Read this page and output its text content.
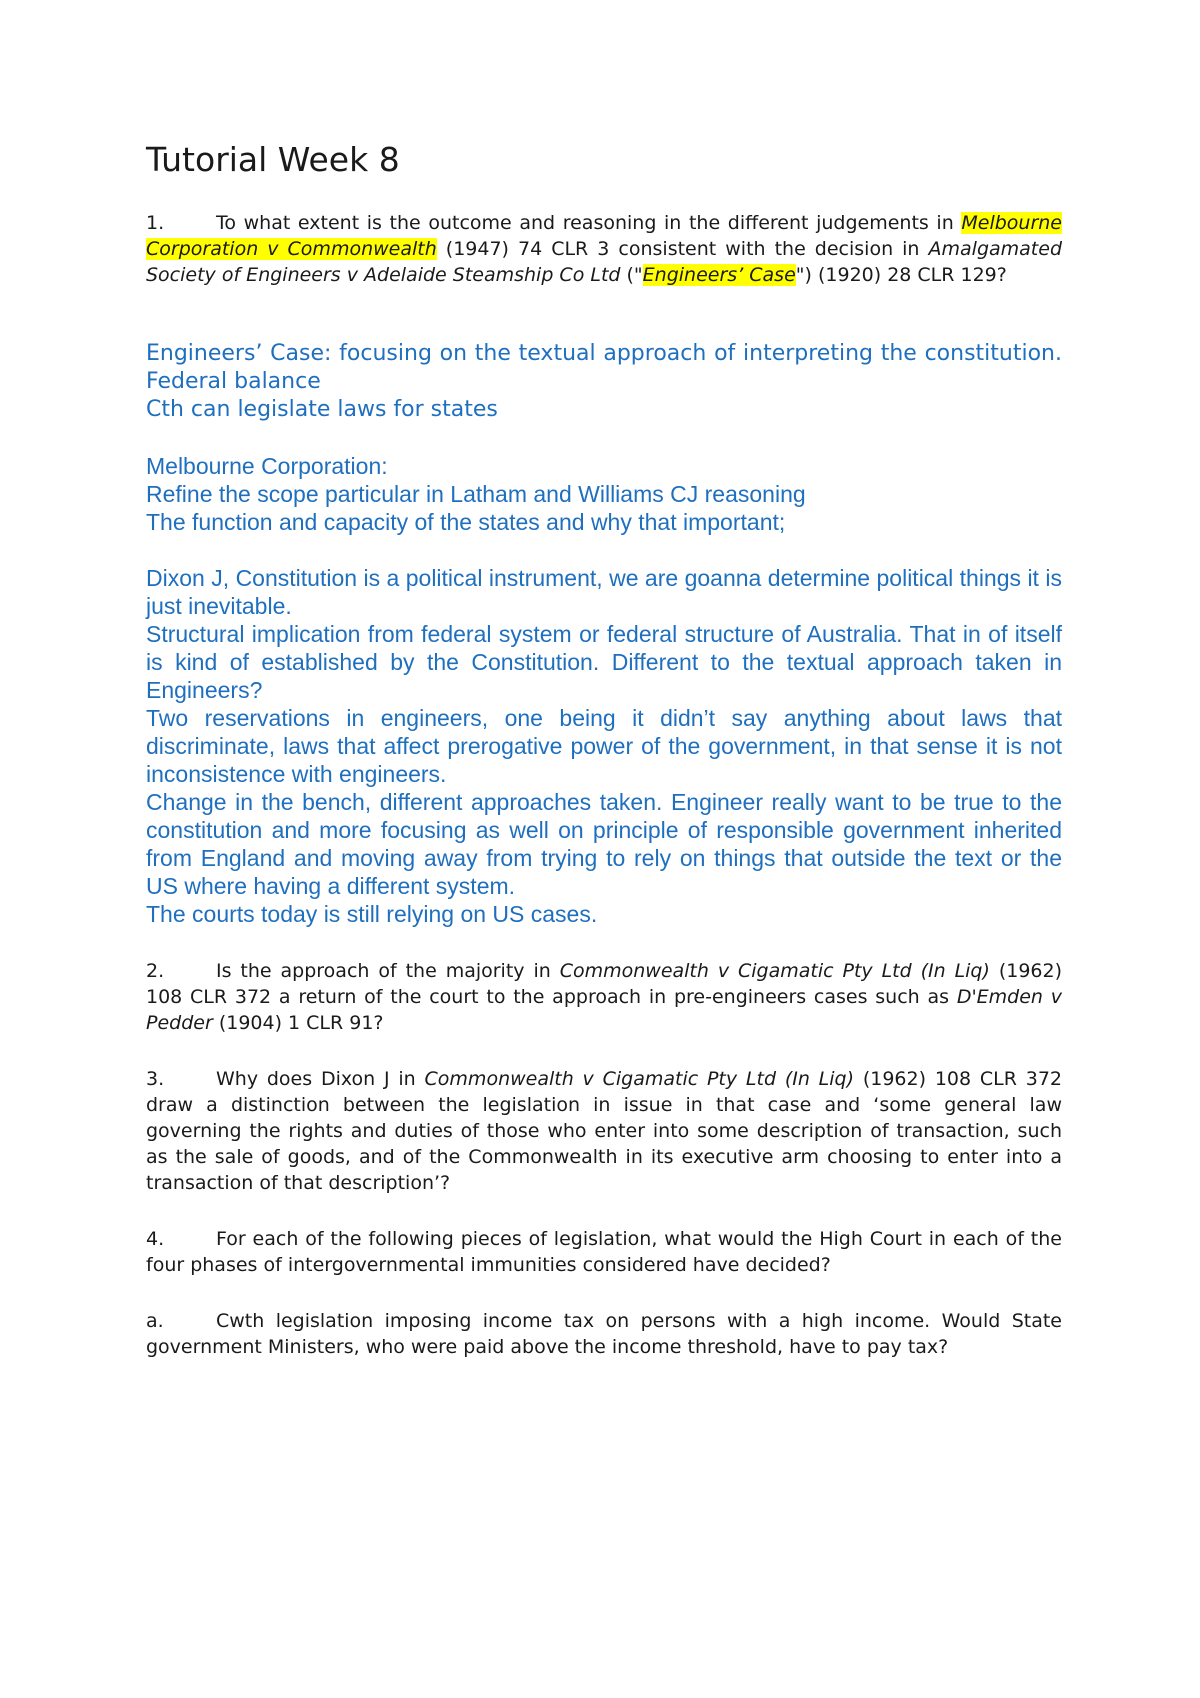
Tutorial Week 8

1.	To what extent is the outcome and reasoning in the different judgements in Melbourne Corporation v Commonwealth (1947) 74 CLR 3 consistent with the decision in Amalgamated Society of Engineers v Adelaide Steamship Co Ltd ("Engineers’ Case") (1920) 28 CLR 129?

Engineers’ Case: focusing on the textual approach of interpreting the constitution. Federal balance

Cth can legislate laws for states

Melbourne Corporation:

Refine the scope particular in Latham and Williams CJ reasoning

The function and capacity of the states and why that important;

Dixon J, Constitution is a political instrument, we are goanna determine political things it is just inevitable.

Structural implication from federal system or federal structure of Australia. That in of itself is kind of established by the Constitution. Different to the textual approach taken in Engineers?

Two reservations in engineers, one being it didn’t say anything about laws that discriminate, laws that affect prerogative power of the government, in that sense it is not inconsistence with engineers.

Change in the bench, different approaches taken. Engineer really want to be true to the constitution and more focusing as well on principle of responsible government inherited from England and moving away from trying to rely on things that outside the text or the US where having a different system.

The courts today is still relying on US cases.

2.	Is the approach of the majority in Commonwealth v Cigamatic Pty Ltd (In Liq) (1962) 108 CLR 372 a return of the court to the approach in pre-engineers cases such as D'Emden v Pedder (1904) 1 CLR 91?

3.	Why does Dixon J in Commonwealth v Cigamatic Pty Ltd (In Liq) (1962) 108 CLR 372 draw a distinction between the legislation in issue in that case and ‘some general law governing the rights and duties of those who enter into some description of transaction, such as the sale of goods, and of the Commonwealth in its executive arm choosing to enter into a transaction of that description’?

4.	For each of the following pieces of legislation, what would the High Court in each of the four phases of intergovernmental immunities considered have decided?

a.	Cwth legislation imposing income tax on persons with a high income. Would State government Ministers, who were paid above the income threshold, have to pay tax?
